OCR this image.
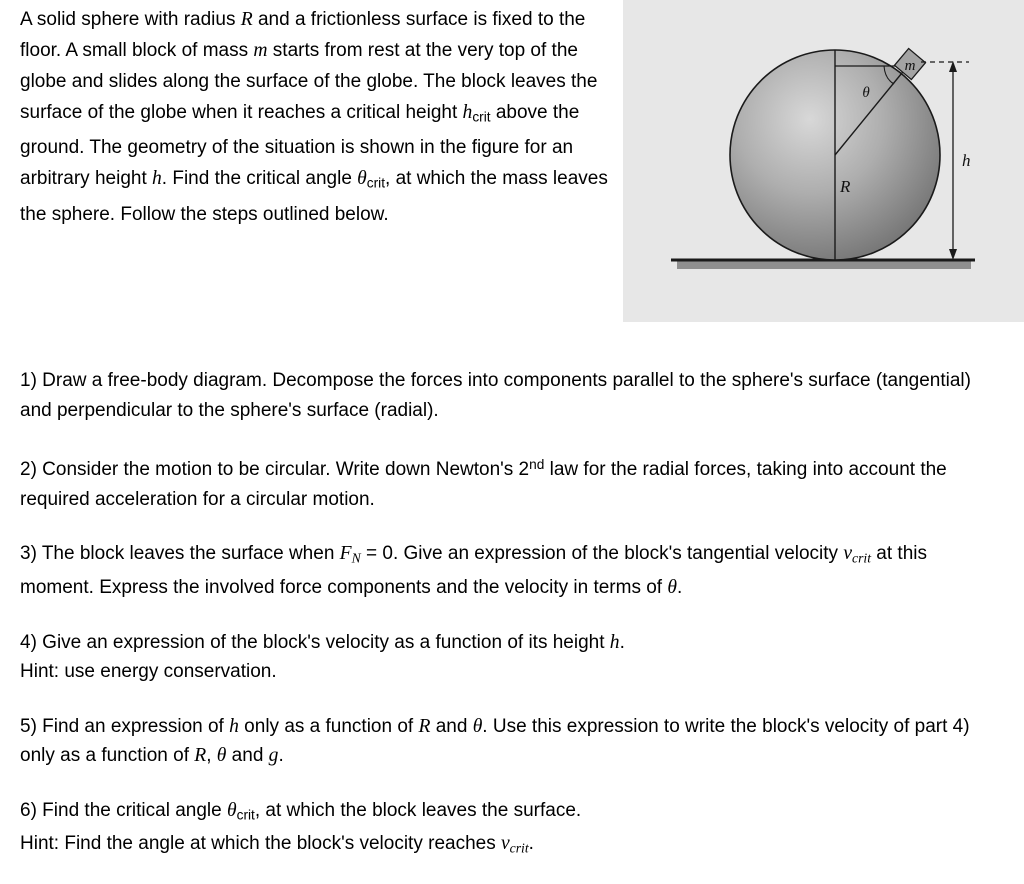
A solid sphere with radius R and a frictionless surface is fixed to the floor. A small block of mass m starts from rest at the very top of the globe and slides along the surface of the globe. The block leaves the surface of the globe when it reaches a critical height hcrit above the ground. The geometry of the situation is shown in the figure for an arbitrary height h. Find the critical angle θcrit, at which the mass leaves the sphere. Follow the steps outlined below.
m
θ
R
h

1) Draw a free-body diagram. Decompose the forces into components parallel to the sphere's surface (tangential) and perpendicular to the sphere's surface (radial).

2) Consider the motion to be circular. Write down Newton's 2nd law for the radial forces, taking into account the required acceleration for a circular motion.

3) The block leaves the surface when FN = 0. Give an expression of the block's tangential velocity vcrit at this moment. Express the involved force components and the velocity in terms of θ.

4) Give an expression of the block's velocity as a function of its height h.
Hint: use energy conservation.

5) Find an expression of h only as a function of R and θ. Use this expression to write the block's velocity of part 4) only as a function of R, θ and g.

6) Find the critical angle θcrit, at which the block leaves the surface.
Hint: Find the angle at which the block's velocity reaches vcrit.
